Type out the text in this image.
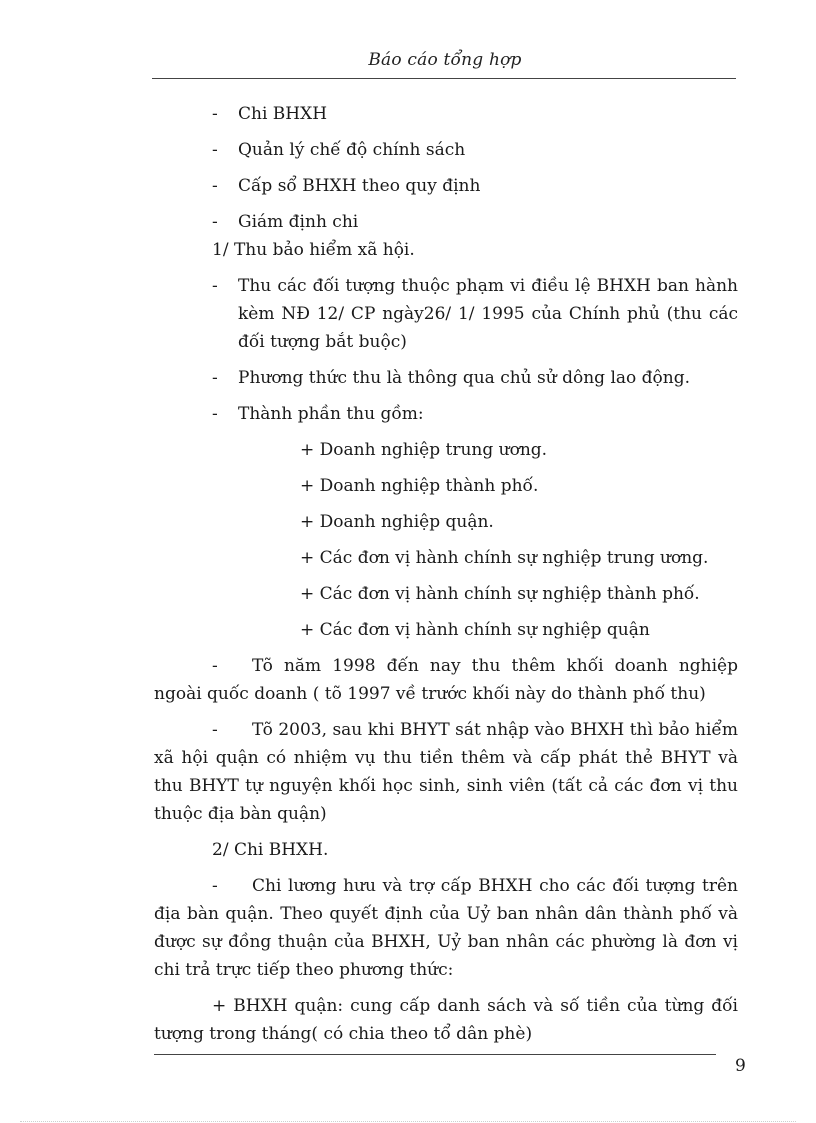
Báo cáo tổng hợp
- Chi BHXH
- Quản lý chế độ chính sách
- Cấp sổ BHXH theo quy định
- Giám định chi
1/ Thu bảo hiểm xã hội.
- Thu các đối tượng thuộc phạm vi điều lệ BHXH ban hành kèm NĐ 12/ CP ngày26/ 1/ 1995 của Chính phủ (thu các đối tượng bắt buộc)
- Phương thức thu là thông qua chủ sử dông lao động.
- Thành phần thu gồm:
+ Doanh nghiệp trung ương.
+ Doanh nghiệp thành phố.
+ Doanh nghiệp quận.
+ Các đơn vị hành chính sự nghiệp trung ương.
+ Các đơn vị hành chính sự nghiệp thành phố.
+ Các đơn vị hành chính sự nghiệp quận
- Tõ năm 1998 đến nay thu thêm khối doanh nghiệp ngoài quốc doanh ( tõ 1997 về trước khối này do thành phố thu)
- Tõ 2003, sau khi BHYT sát nhập vào BHXH thì bảo hiểm xã hội quận có nhiệm vụ thu tiền thêm và cấp phát thẻ BHYT và thu BHYT tự nguyện khối học sinh, sinh viên (tất cả các đơn vị thu thuộc địa bàn quận)
2/ Chi BHXH.
- Chi lương hưu và trợ cấp BHXH cho các đối tượng trên địa bàn quận. Theo quyết định của Uỷ ban nhân dân thành phố và được sự đồng thuận của BHXH, Uỷ ban nhân các phường là đơn vị chi trả trực tiếp theo phương thức:
+ BHXH quận: cung cấp danh sách và số tiền của từng đối tượng trong tháng( có chia theo tổ dân phè)
9
